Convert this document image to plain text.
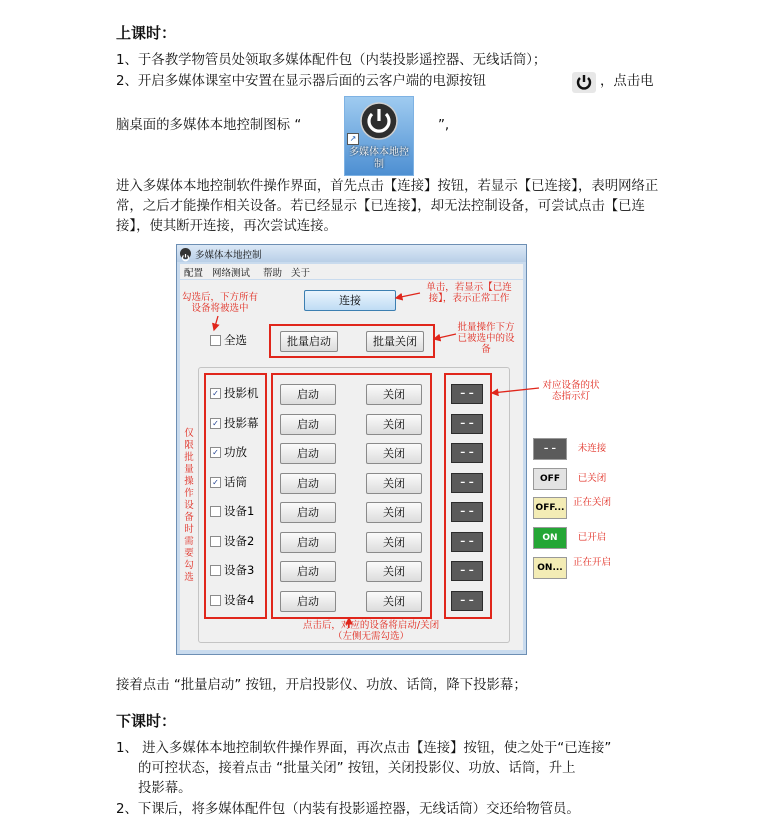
上课时：
1、于各教学物管员处领取多媒体配件包（内装投影遥控器、无线话筒）；
2、开启多媒体课室中安置在显示器后面的云客户端的电源按钮	，点击电
脑桌面的多媒体本地控制图标 “
↗
多媒体本地控制
”,
进入多媒体本地控制软件操作界面，首先点击【连接】按钮，若显示【已连接】，表明网络正常，之后才能操作相关设备。若已经显示【已连接】，却无法控制设备，可尝试点击【已连接】，使其断开连接，再次尝试连接。
多媒体本地控制
配置 网络测试 帮助 关于
连接
全选	批量启动	批量关闭
✓ 投影机	启动	关闭	– –
✓ 投影幕	启动	关闭	– –
✓ 功放	启动	关闭	– –
✓ 话筒	启动	关闭	– –
设备1	启动	关闭	– –
设备2	启动	关闭	– –
设备3	启动	关闭	– –
设备4	启动	关闭	– –
勾选后，下方所有设备将被选中
单击，若显示【已连接】，表示正常工作
批量操作下方已被选中的设备
仅限批量操作设备时需要勾选
对应设备的状态指示灯
点击后，对应的设备将启动/关闭（左侧无需勾选）
– –	未连接
OFF	已关闭
OFF... 正在关闭
ON	已开启
ON...	正在开启
接着点击 “批量启动” 按钮，开启投影仪、功放、话筒，降下投影幕；
下课时：
1、 进入多媒体本地控制软件操作界面，再次点击【连接】按钮，使之处于“已连接”
的可控状态，接着点击 “批量关闭” 按钮，关闭投影仪、功放、话筒，升上
投影幕。
2、下课后，将多媒体配件包（内装有投影遥控器，无线话筒）交还给物管员。
